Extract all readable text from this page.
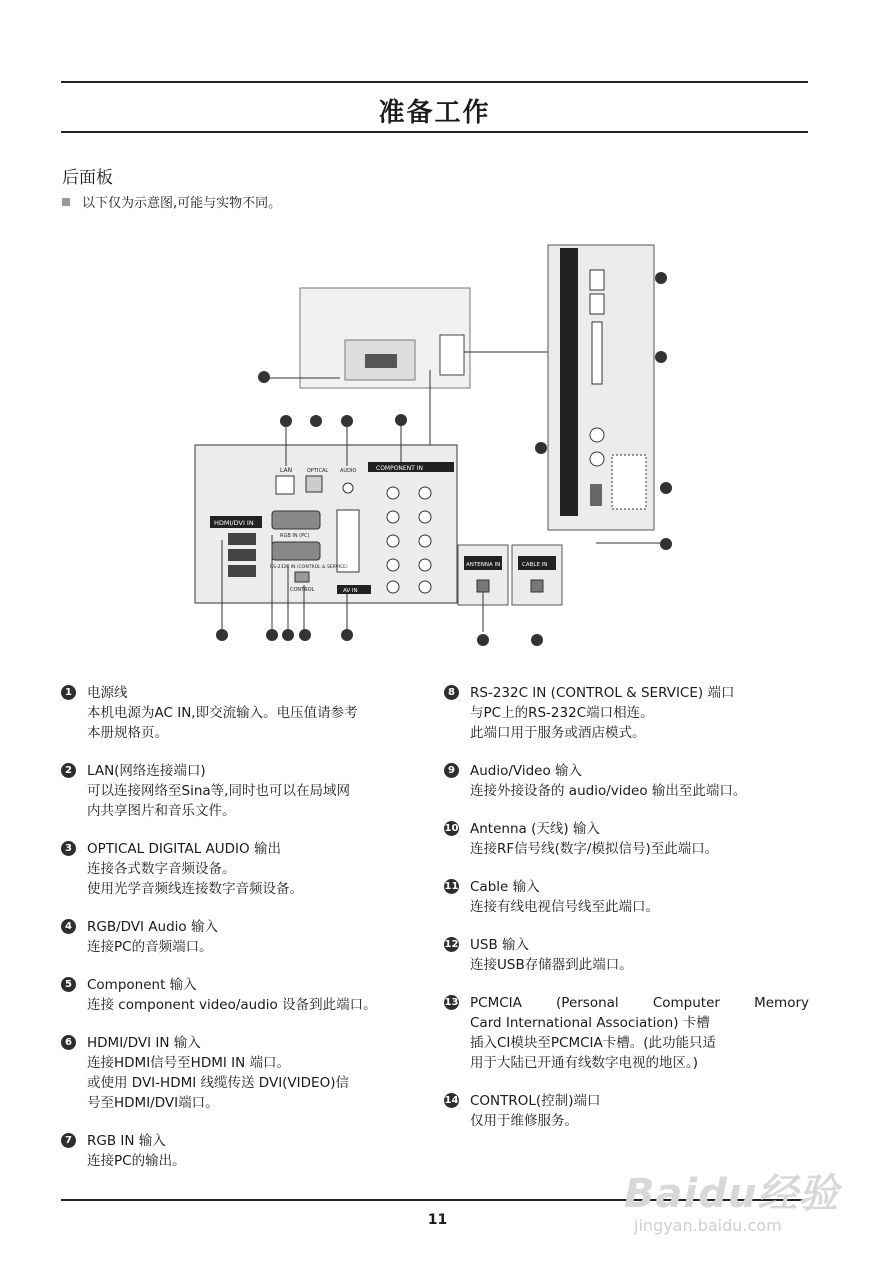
准备工作
后面板
以下仅为示意图,可能与实物不同。
LAN	OPTICAL AUDIO	COMPONENT IN
AV IN
HDMI/DVI IN
RGB IN (PC)
RS-232C IN (CONTROL & SERVICE)
CONTROL
ANTENNA IN	CABLE IN
1 电源线
本机电源为AC IN,即交流输入。电压值请参考
本册规格页。
2 LAN(网络连接端口)
可以连接网络至Sina等,同时也可以在局域网
内共享图片和音乐文件。
3 OPTICAL DIGITAL AUDIO 输出
连接各式数字音频设备。
使用光学音频线连接数字音频设备。
4 RGB/DVI Audio 输入
连接PC的音频端口。
5 Component 输入
连接 component video/audio 设备到此端口。
6 HDMI/DVI IN 输入
连接HDMI信号至HDMI IN 端口。
或使用 DVI-HDMI 线缆传送 DVI(VIDEO)信
号至HDMI/DVI端口。
7 RGB IN 输入
连接PC的输出。
8 RS-232C IN (CONTROL & SERVICE) 端口
与PC上的RS-232C端口相连。
此端口用于服务或酒店模式。
9 Audio/Video 输入
连接外接设备的 audio/video 输出至此端口。
10 Antenna (天线) 输入
连接RF信号线(数字/模拟信号)至此端口。
11 Cable 输入
连接有线电视信号线至此端口。
12 USB 输入
连接USB存储器到此端口。
13 PCMCIA (Personal Computer Memory
Card International Association) 卡槽
插入CI模块至PCMCIA卡槽。(此功能只适
用于大陆已开通有线数字电视的地区。)
14 CONTROL(控制)端口
仅用于维修服务。
11
Baidu经验
jingyan.baidu.com
